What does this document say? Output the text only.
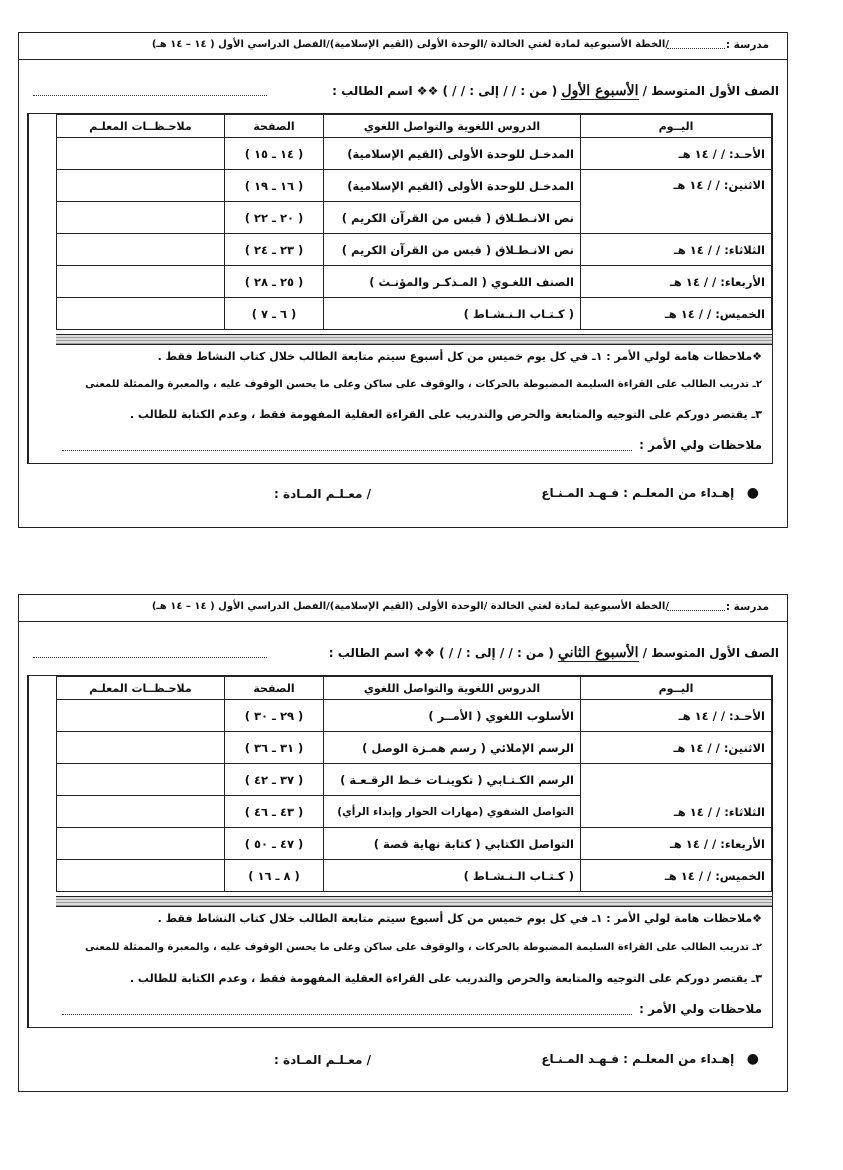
مدرسة :
/الخطة الأسبوعية لمادة لغتي الخالدة /الوحدة الأولى (القيم الإسلامية)/الفصل الدراسي الأول ( ١٤ – ١٤ هـ)
الصف الأول المتوسط / الأسبوع الأول ( من : / / إلى : / / ) ❖❖ اسم الطالب :
اليــوم	الدروس اللغوية والتواصل اللغوي	الصفحة	ملاحـظــات المعلـم
الأحـد: / / ١٤ هـ	المدخـل للوحدة الأولى (القيم الإسلامية)	( ١٤ ـ ١٥ )	
الاثنين: / / ١٤ هـ	المدخـل للوحدة الأولى (القيم الإسلامية)	( ١٦ ـ ١٩ )	
	نص الانـطـلاق ( قبس من القرآن الكريم )	( ٢٠ ـ ٢٢ )	
الثلاثاء: / / ١٤ هـ	نص الانـطـلاق ( قبس من القرآن الكريم )	( ٢٣ ـ ٢٤ )	
الأربعاء: / / ١٤ هـ	الصنف اللغـوي ( المـذكـر والمؤنـث )	( ٢٥ ـ ٢٨ )	
الخميس: / / ١٤ هـ	( كـتـاب الـنـشـاط )	( ٦ ـ ٧ )	
❖ملاحظات هامة لولي الأمر : ١ـ في كل يوم خميس من كل أسبوع سيتم متابعة الطالب خلال كتاب النشاط فقط .
٢ـ تدريب الطالب على القراءة السليمة المضبوطة بالحركات ، والوقوف على ساكن وعلى ما يحسن الوقوف عليه ، والمعبرة والممثلة للمعنى
٣ـ يقتصر دوركم على التوجيه والمتابعة والحرص والتدريب على القراءة العقلية المفهومة فقط ، وعدم الكتابة للطالب .
ملاحظات ولي الأمر :
●   إهـداء من المعلـم : فـهـد المـنـاع
/ معـلـم المـادة :
مدرسة :
/الخطة الأسبوعية لمادة لغتي الخالدة /الوحدة الأولى (القيم الإسلامية)/الفصل الدراسي الأول ( ١٤ – ١٤ هـ)
الصف الأول المتوسط / الأسبوع الثاني ( من : / / إلى : / / ) ❖❖ اسم الطالب :
اليــوم	الدروس اللغوية والتواصل اللغوي	الصفحة	ملاحـظــات المعلـم
الأحـد: / / ١٤ هـ	الأسلوب اللغوي ( الأمــر )	( ٢٩ ـ ٣٠ )	
الاثنين: / / ١٤ هـ	الرسم الإملائي ( رسم همـزة الوصل )	( ٣١ ـ ٣٦ )	
الثلاثاء: / / ١٤ هـ	الرسم الكـتـابي ( تكوينـات خـط الرقـعـة )	( ٣٧ ـ ٤٢ )	
	التواصل الشفوي (مهارات الحوار وإبداء الرأي)	( ٤٣ ـ ٤٦ )	
الأربعاء: / / ١٤ هـ	التواصل الكتابي ( كتابة نهاية قصة )	( ٤٧ ـ ٥٠ )	
الخميس: / / ١٤ هـ	( كـتـاب الـنـشـاط )	( ٨ ـ ١٦ )	
❖ملاحظات هامة لولي الأمر : ١ـ في كل يوم خميس من كل أسبوع سيتم متابعة الطالب خلال كتاب النشاط فقط .
٢ـ تدريب الطالب على القراءة السليمة المضبوطة بالحركات ، والوقوف على ساكن وعلى ما يحسن الوقوف عليه ، والمعبرة والممثلة للمعنى
٣ـ يقتصر دوركم على التوجيه والمتابعة والحرص والتدريب على القراءة العقلية المفهومة فقط ، وعدم الكتابة للطالب .
ملاحظات ولي الأمر :
●   إهـداء من المعلـم : فـهـد المـنـاع
/ معـلـم المـادة :
